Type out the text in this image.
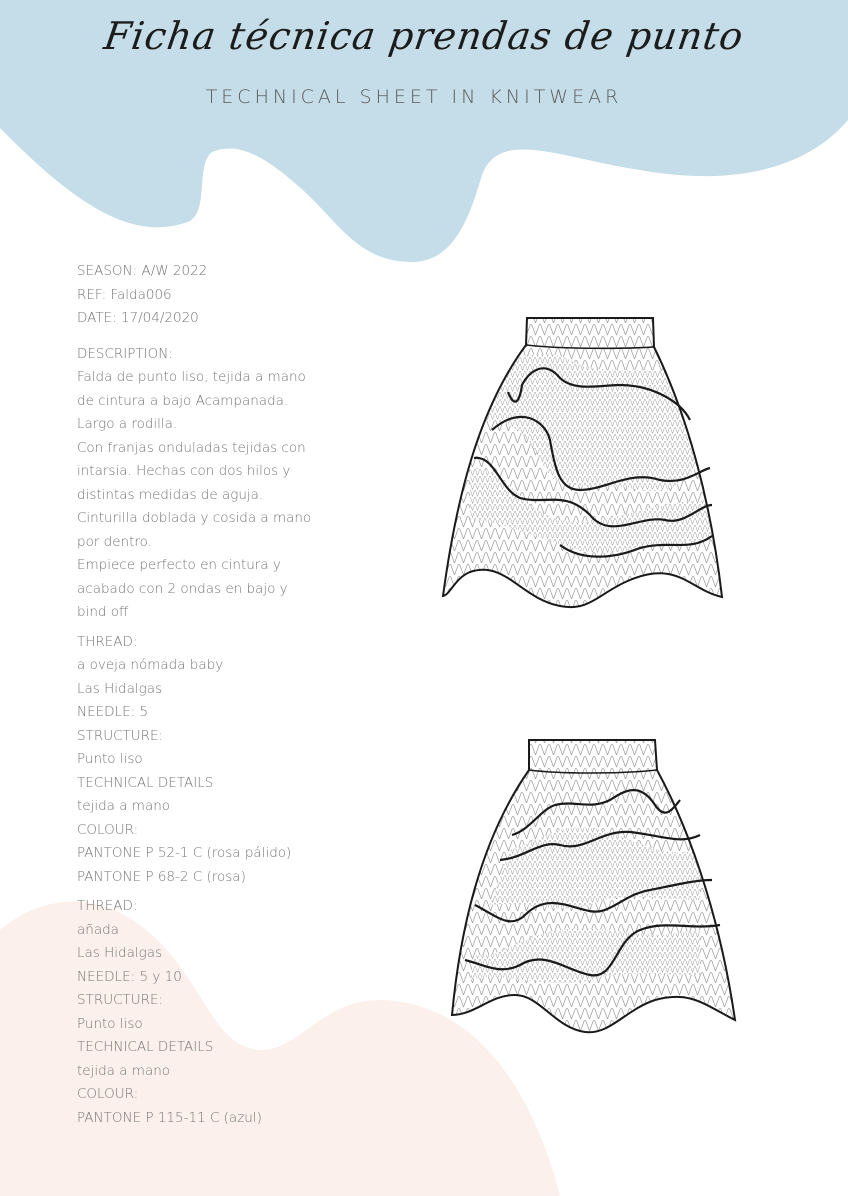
Ficha técnica prendas de punto
TECHNICAL SHEET IN KNITWEAR
SEASON: A/W 2022
REF: Falda006
DATE: 17/04/2020
DESCRIPTION:
Falda de punto liso, tejida a mano
de cintura a bajo Acampanada.
Largo a rodilla.
Con franjas onduladas tejidas con
intarsia. Hechas con dos hilos y
distintas medidas de aguja.
Cinturilla doblada y cosida a mano
por dentro.
Empiece perfecto en cintura y
acabado con 2 ondas en bajo y
bind off
THREAD:
a oveja nómada baby
Las Hidalgas
NEEDLE: 5
STRUCTURE:
Punto liso
TECHNICAL DETAILS
tejida a mano
COLOUR:
PANTONE P 52-1 C (rosa pálido)
PANTONE P 68-2 C (rosa)
THREAD:
añada
Las Hidalgas
NEEDLE: 5 y 10
STRUCTURE:
Punto liso
TECHNICAL DETAILS
tejida a mano
COLOUR:
PANTONE P 115-11 C (azul)
